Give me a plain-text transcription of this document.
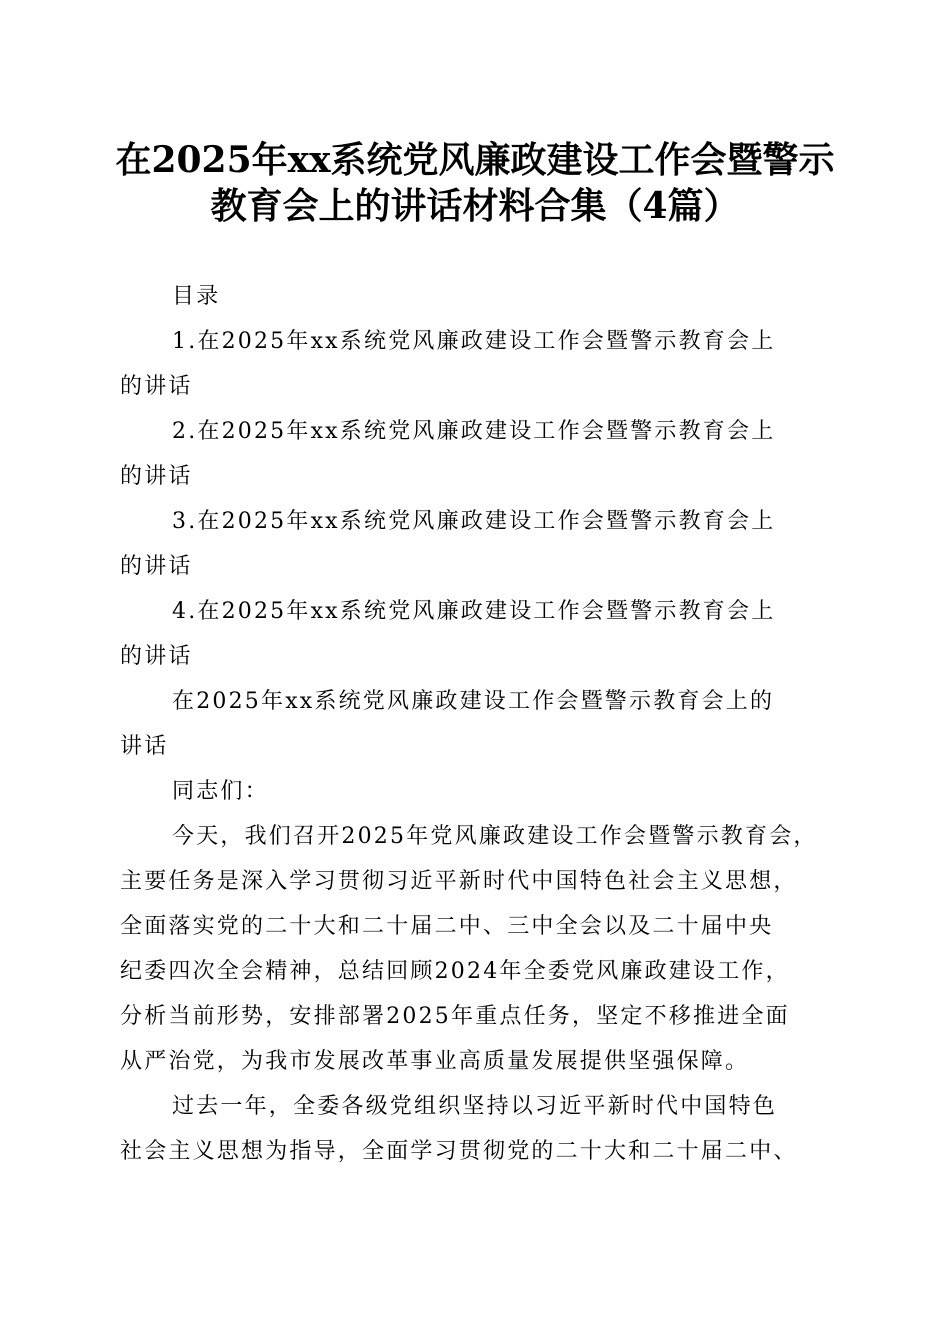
在2025年xx系统党风廉政建设工作会暨警示
教育会上的讲话材料合集（4篇）
目录
1.在2025年xx系统党风廉政建设工作会暨警示教育会上
的讲话
2.在2025年xx系统党风廉政建设工作会暨警示教育会上
的讲话
3.在2025年xx系统党风廉政建设工作会暨警示教育会上
的讲话
4.在2025年xx系统党风廉政建设工作会暨警示教育会上
的讲话
在2025年xx系统党风廉政建设工作会暨警示教育会上的
讲话
同志们：
今天，我们召开2025年党风廉政建设工作会暨警示教育会，
主要任务是深入学习贯彻习近平新时代中国特色社会主义思想，
全面落实党的二十大和二十届二中、三中全会以及二十届中央
纪委四次全会精神，总结回顾2024年全委党风廉政建设工作，
分析当前形势，安排部署2025年重点任务，坚定不移推进全面
从严治党，为我市发展改革事业高质量发展提供坚强保障。
过去一年，全委各级党组织坚持以习近平新时代中国特色
社会主义思想为指导，全面学习贯彻党的二十大和二十届二中、
